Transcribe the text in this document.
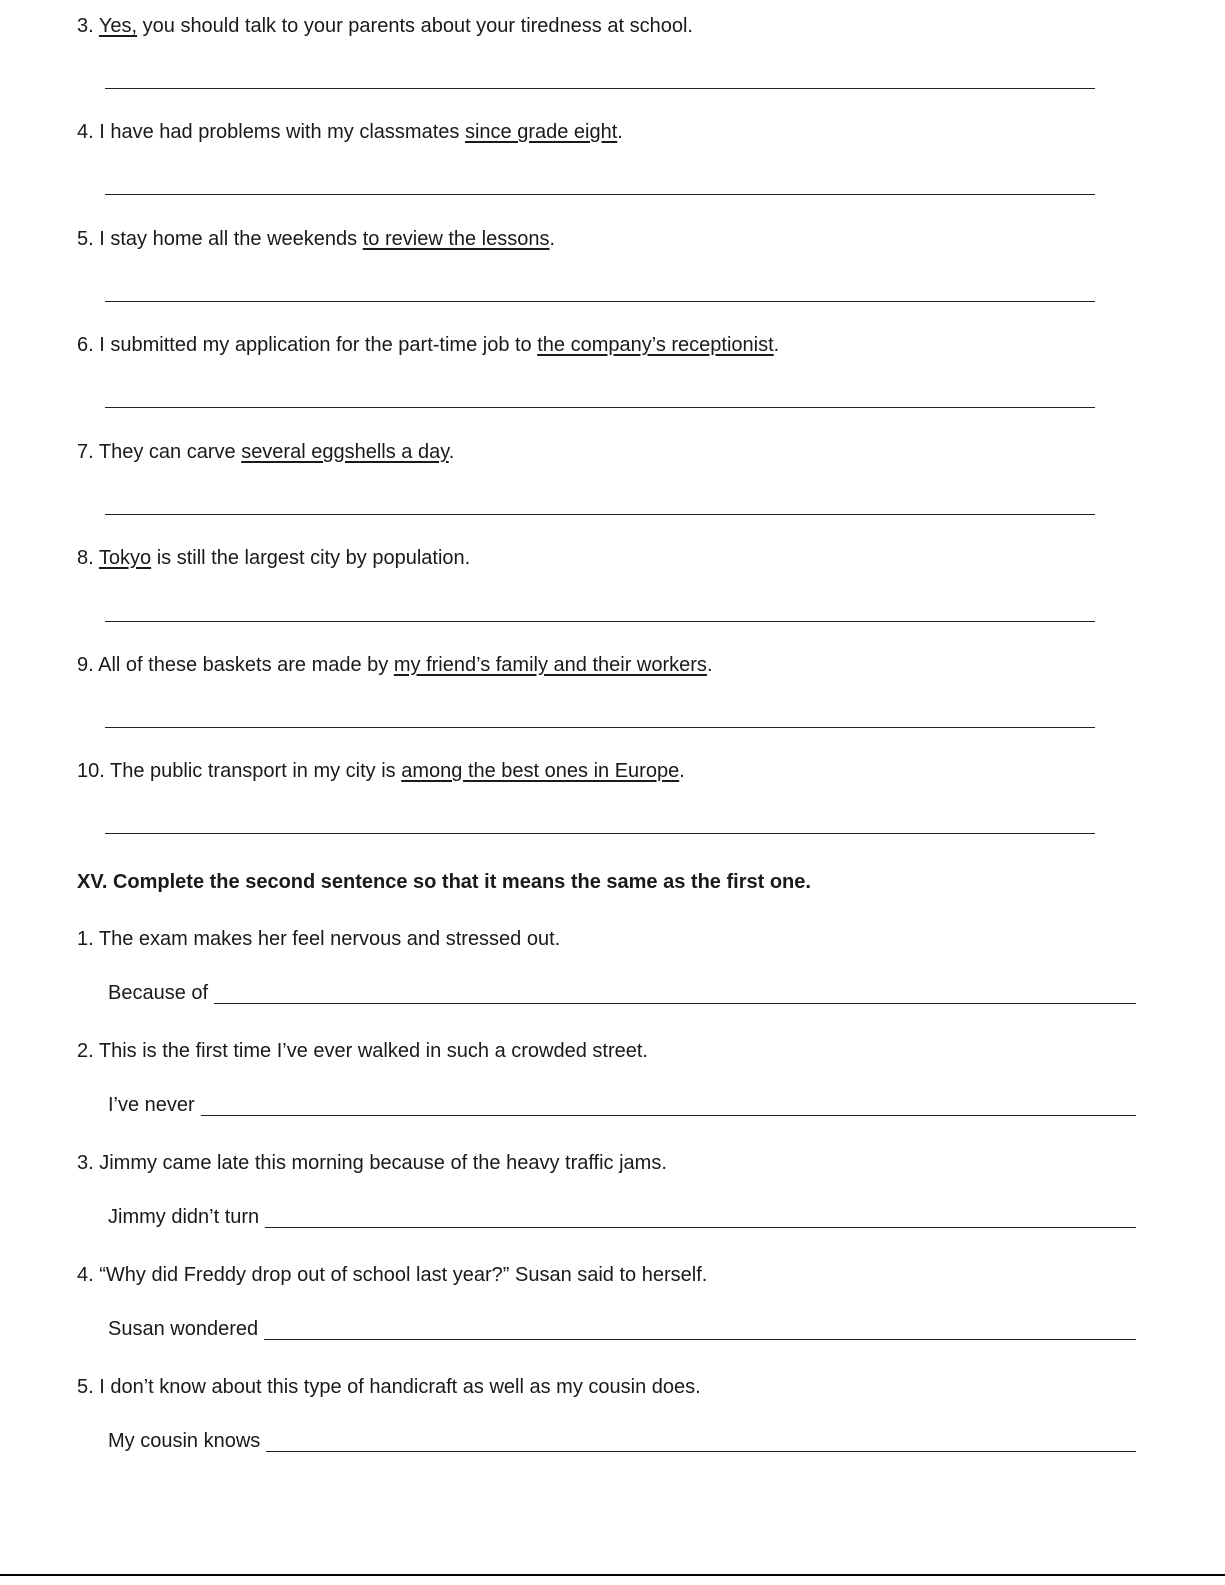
3. Yes, you should talk to your parents about your tiredness at school.
4. I have had problems with my classmates since grade eight.
5. I stay home all the weekends to review the lessons.
6. I submitted my application for the part-time job to the company’s receptionist.
7. They can carve several eggshells a day.
8. Tokyo is still the largest city by population.
9. All of these baskets are made by my friend’s family and their workers.
10. The public transport in my city is among the best ones in Europe.
XV. Complete the second sentence so that it means the same as the first one.
1. The exam makes her feel nervous and stressed out.
Because of
2. This is the first time I’ve ever walked in such a crowded street.
I’ve never
3. Jimmy came late this morning because of the heavy traffic jams.
Jimmy didn’t turn
4. “Why did Freddy drop out of school last year?” Susan said to herself.
Susan wondered
5. I don’t know about this type of handicraft as well as my cousin does.
My cousin knows
